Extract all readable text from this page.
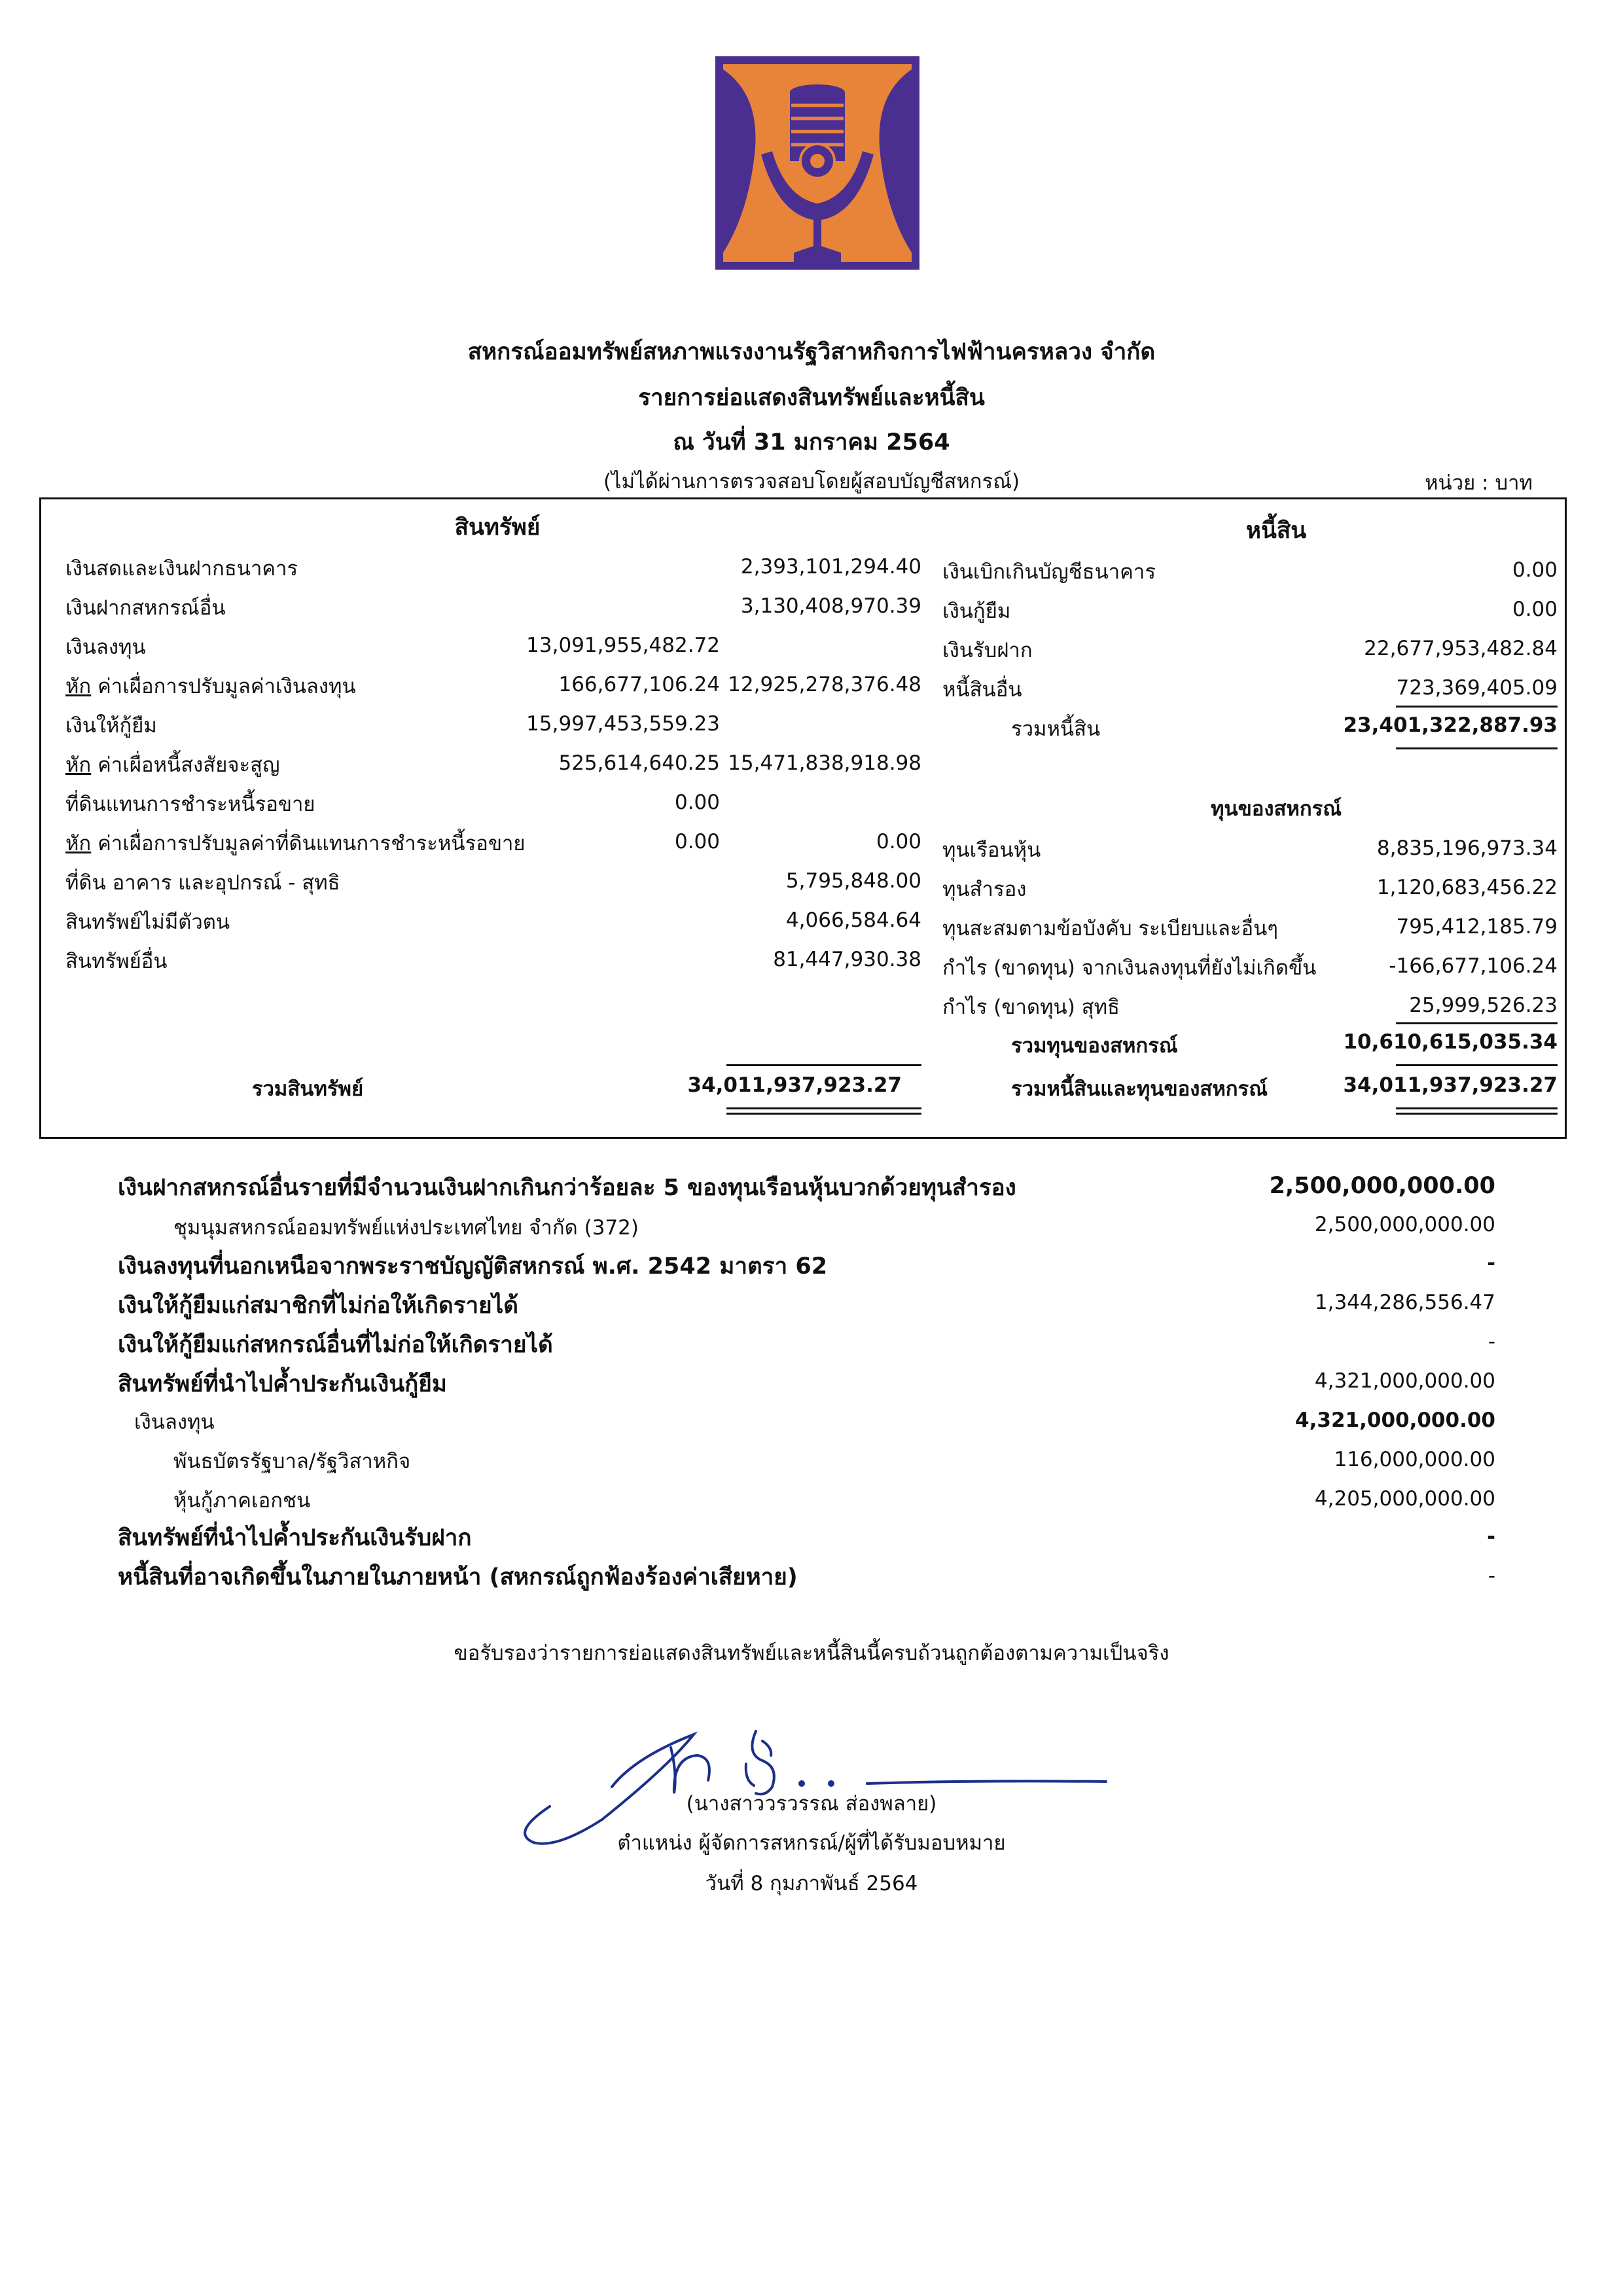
สหกรณ์ออมทรัพย์สหภาพแรงงานรัฐวิสาหกิจการไฟฟ้านครหลวง จำกัด
รายการย่อแสดงสินทรัพย์และหนี้สิน
ณ วันที่ 31 มกราคม 2564
(ไม่ได้ผ่านการตรวจสอบโดยผู้สอบบัญชีสหกรณ์)	หน่วย : บาท
สินทรัพย์	หนี้สิน
เงินสดและเงินฝากธนาคาร	2,393,101,294.40
เงินฝากสหกรณ์อื่น	3,130,408,970.39
เงินลงทุน	13,091,955,482.72
หัก ค่าเผื่อการปรับมูลค่าเงินลงทุน	166,677,106.24 12,925,278,376.48
เงินให้กู้ยืม	15,997,453,559.23
หัก ค่าเผื่อหนี้สงสัยจะสูญ	525,614,640.25 15,471,838,918.98
ที่ดินแทนการชำระหนี้รอขาย	0.00
หัก ค่าเผื่อการปรับมูลค่าที่ดินแทนการชำระหนี้รอขาย	0.00	0.00
ที่ดิน อาคาร และอุปกรณ์ - สุทธิ	5,795,848.00
สินทรัพย์ไม่มีตัวตน	4,066,584.64
สินทรัพย์อื่น	81,447,930.38
รวมสินทรัพย์	34,011,937,923.27
เงินเบิกเกินบัญชีธนาคาร	0.00
เงินกู้ยืม	0.00
เงินรับฝาก	22,677,953,482.84
หนี้สินอื่น	723,369,405.09
รวมหนี้สิน	23,401,322,887.93
ทุนของสหกรณ์
ทุนเรือนหุ้น	8,835,196,973.34
ทุนสำรอง	1,120,683,456.22
ทุนสะสมตามข้อบังคับ ระเบียบและอื่นๆ	795,412,185.79
กำไร (ขาดทุน) จากเงินลงทุนที่ยังไม่เกิดขึ้น	-166,677,106.24
กำไร (ขาดทุน) สุทธิ	25,999,526.23
รวมทุนของสหกรณ์	10,610,615,035.34
รวมหนี้สินและทุนของสหกรณ์	34,011,937,923.27
เงินฝากสหกรณ์อื่นรายที่มีจำนวนเงินฝากเกินกว่าร้อยละ 5 ของทุนเรือนหุ้นบวกด้วยทุนสำรอง	2,500,000,000.00
ชุมนุมสหกรณ์ออมทรัพย์แห่งประเทศไทย จำกัด (372)	2,500,000,000.00
เงินลงทุนที่นอกเหนือจากพระราชบัญญัติสหกรณ์ พ.ศ. 2542 มาตรา 62	-
เงินให้กู้ยืมแก่สมาชิกที่ไม่ก่อให้เกิดรายได้	1,344,286,556.47
เงินให้กู้ยืมแก่สหกรณ์อื่นที่ไม่ก่อให้เกิดรายได้	-
สินทรัพย์ที่นำไปค้ำประกันเงินกู้ยืม	4,321,000,000.00
เงินลงทุน	4,321,000,000.00
พันธบัตรรัฐบาล/รัฐวิสาหกิจ	116,000,000.00
หุ้นกู้ภาคเอกชน	4,205,000,000.00
สินทรัพย์ที่นำไปค้ำประกันเงินรับฝาก	-
หนี้สินที่อาจเกิดขึ้นในภายในภายหน้า (สหกรณ์ถูกฟ้องร้องค่าเสียหาย)	-
ขอรับรองว่ารายการย่อแสดงสินทรัพย์และหนี้สินนี้ครบถ้วนถูกต้องตามความเป็นจริง
(นางสาววรวรรณ ส่องพลาย)
ตำแหน่ง ผู้จัดการสหกรณ์/ผู้ที่ได้รับมอบหมาย
วันที่ 8 กุมภาพันธ์ 2564
